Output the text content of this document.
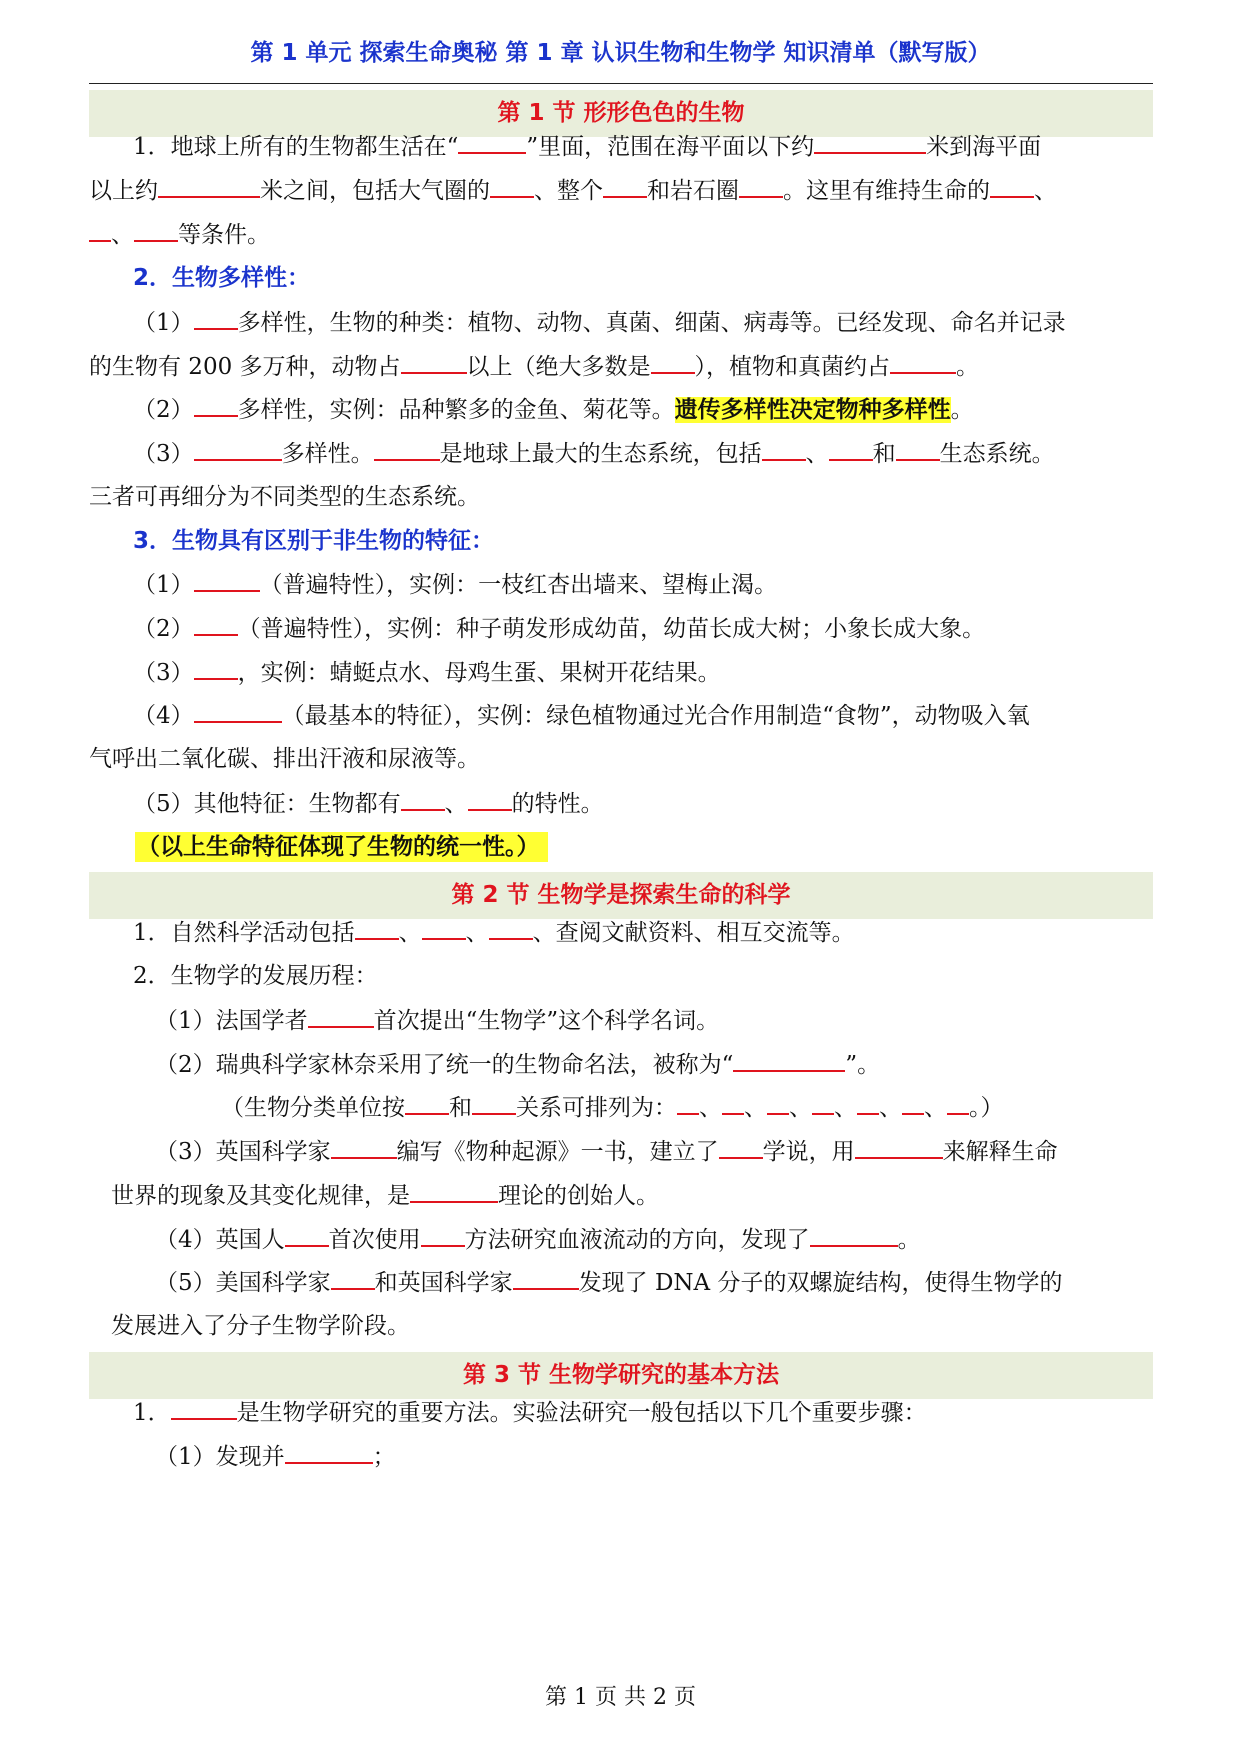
第 1 单元 探索生命奥秘 第 1 章 认识生物和生物学 知识清单（默写版）
第 1 节 形形色色的生物
1．地球上所有的生物都生活在“	”里面，范围在海平面以下约	米到海平面
以上约	米之间，包括大气圈的 、整个 和岩石圈 。这里有维持生命的 、
、 等条件。
2．生物多样性：
（1） 多样性，生物的种类：植物、动物、真菌、细菌、病毒等。已经发现、命名并记录
的生物有 200 多万种，动物占	以上（绝大多数是 ），植物和真菌约占	。
（2） 多样性，实例：品种繁多的金鱼、菊花等。遗传多样性决定物种多样性。
（3）	多样性。	是地球上最大的生态系统，包括 、 和 生态系统。
三者可再细分为不同类型的生态系统。
3．生物具有区别于非生物的特征：
（1）	（普遍特性），实例：一枝红杏出墙来、望梅止渴。
（2） （普遍特性），实例：种子萌发形成幼苗，幼苗长成大树；小象长成大象。
（3） ，实例：蜻蜓点水、母鸡生蛋、果树开花结果。
（4）	（最基本的特征），实例：绿色植物通过光合作用制造“食物”，动物吸入氧
气呼出二氧化碳、排出汗液和尿液等。
（5）其他特征：生物都有 、 的特性。
（以上生命特征体现了生物的统一性。）
第 2 节 生物学是探索生命的科学
1．自然科学活动包括 、 、 、查阅文献资料、相互交流等。
2．生物学的发展历程：
（1）法国学者	首次提出“生物学”这个科学名词。
（2）瑞典科学家林奈采用了统一的生物命名法，被称为“	”。
（生物分类单位按 和 关系可排列为： 、 、 、 、 、 、 。）
（3）英国科学家	编写《物种起源》一书，建立了 学说，用	来解释生命
世界的现象及其变化规律，是	理论的创始人。
（4）英国人 首次使用 方法研究血液流动的方向，发现了	。
（5）美国科学家 和英国科学家	发现了 DNA 分子的双螺旋结构，使得生物学的
发展进入了分子生物学阶段。
第 3 节 生物学研究的基本方法
1．	是生物学研究的重要方法。实验法研究一般包括以下几个重要步骤：
（1）发现并	；
第 1 页 共 2 页
